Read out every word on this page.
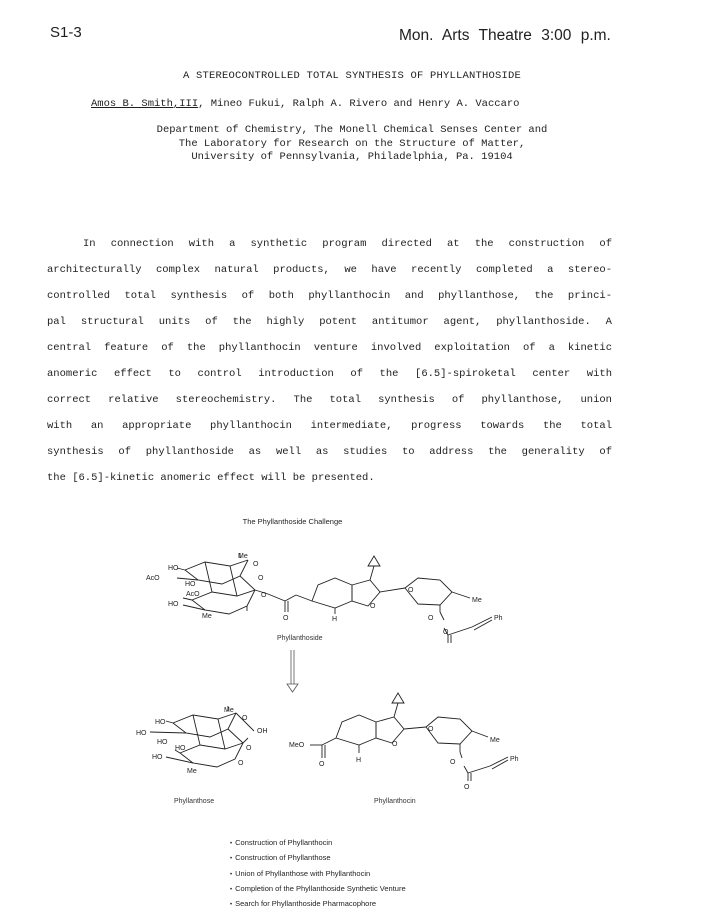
S1-3	Mon. Arts Theatre 3:00 p.m.
A STEREOCONTROLLED TOTAL SYNTHESIS OF PHYLLANTHOSIDE
Amos B. Smith,III, Mineo Fukui, Ralph A. Rivero and Henry A. Vaccaro
Department of Chemistry, The Monell Chemical Senses Center and
The Laboratory for Research on the Structure of Matter,
University of Pennsylvania, Philadelphia, Pa. 19104
In connection with a synthetic program directed at the construction of
architecturally complex natural products, we have recently completed a stereo-
controlled total synthesis of both phyllanthocin and phyllanthose, the princi-
pal structural units of the highly potent antitumor agent, phyllanthoside. A
central feature of the phyllanthocin venture involved exploitation of a kinetic
anomeric effect to control introduction of the [6.5]-spiroketal center with
correct relative stereochemistry. The total synthesis of phyllanthose, union
with an appropriate phyllanthocin intermediate, progress towards the total
synthesis of phyllanthoside as well as studies to address the generality of
the [6.5]-kinetic anomeric effect will be presented.
The Phyllanthoside Challenge
Me
HO
O
AcO
HO
O
AcO
HO
O
Me	O	H
O
O
Me
O
O
Ph
Phyllanthoside
Me
HO
O
HO
HO
OH
HO	O
HO
O
Me
Phyllanthose
MeO
O
H
O
O
Me
O
O
Ph
Phyllanthocin
• Construction of Phyllanthocin
• Construction of Phyllanthose
• Union of Phyllanthose with Phyllanthocin
• Completion of the Phyllanthoside Synthetic Venture
• Search for Phyllanthoside Pharmacophore
